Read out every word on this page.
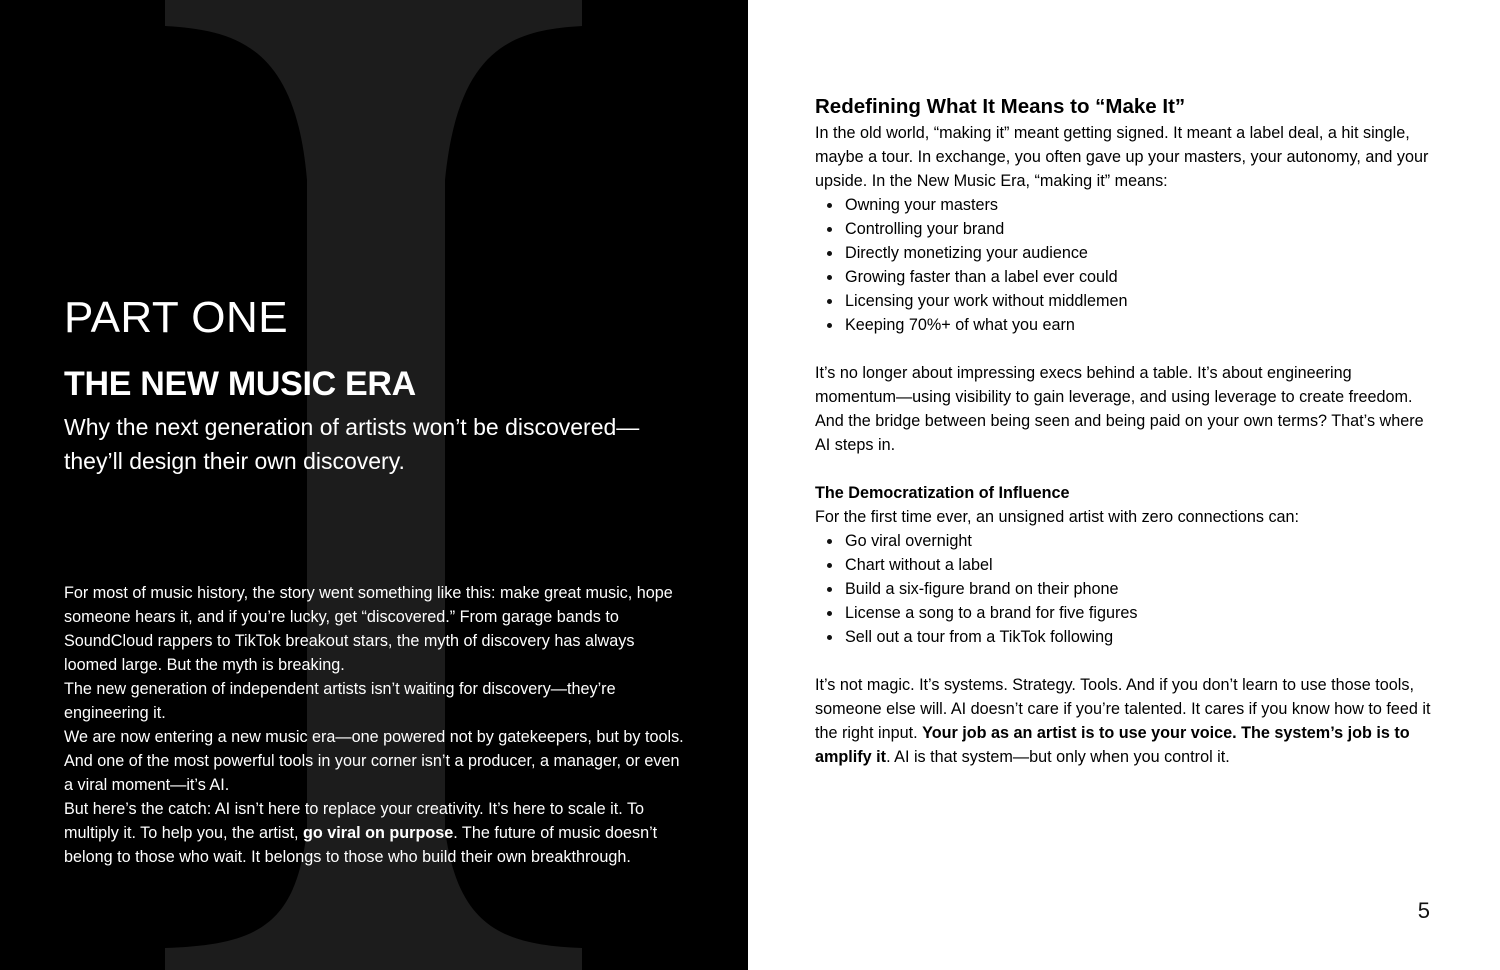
PART ONE
THE NEW MUSIC ERA

Why the next generation of artists won’t be discovered—
they’ll design their own discovery.

For most of music history, the story went something like this: make great music, hope someone hears it, and if you’re lucky, get “discovered.” From garage bands to SoundCloud rappers to TikTok breakout stars, the myth of discovery has always loomed large. But the myth is breaking.

The new generation of independent artists isn’t waiting for discovery—they’re engineering it.

We are now entering a new music era—one powered not by gatekeepers, but by tools. And one of the most powerful tools in your corner isn’t a producer, a manager, or even a viral moment—it’s AI.

But here’s the catch: AI isn’t here to replace your creativity. It’s here to scale it. To multiply it. To help you, the artist, go viral on purpose. The future of music doesn’t belong to those who wait. It belongs to those who build their own breakthrough.

Redefining What It Means to “Make It”

In the old world, “making it” meant getting signed. It meant a label deal, a hit single, maybe a tour. In exchange, you often gave up your masters, your autonomy, and your upside. In the New Music Era, “making it” means:

Owning your masters
Controlling your brand
Directly monetizing your audience
Growing faster than a label ever could
Licensing your work without middlemen
Keeping 70%+ of what you earn

It’s no longer about impressing execs behind a table. It’s about engineering momentum—using visibility to gain leverage, and using leverage to create freedom. And the bridge between being seen and being paid on your own terms? That’s where AI steps in.

The Democratization of Influence

For the first time ever, an unsigned artist with zero connections can:

Go viral overnight
Chart without a label
Build a six-figure brand on their phone
License a song to a brand for five figures
Sell out a tour from a TikTok following

It’s not magic. It’s systems. Strategy. Tools. And if you don’t learn to use those tools, someone else will. AI doesn’t care if you’re talented. It cares if you know how to feed it the right input. Your job as an artist is to use your voice. The system’s job is to amplify it. AI is that system—but only when you control it.

5
